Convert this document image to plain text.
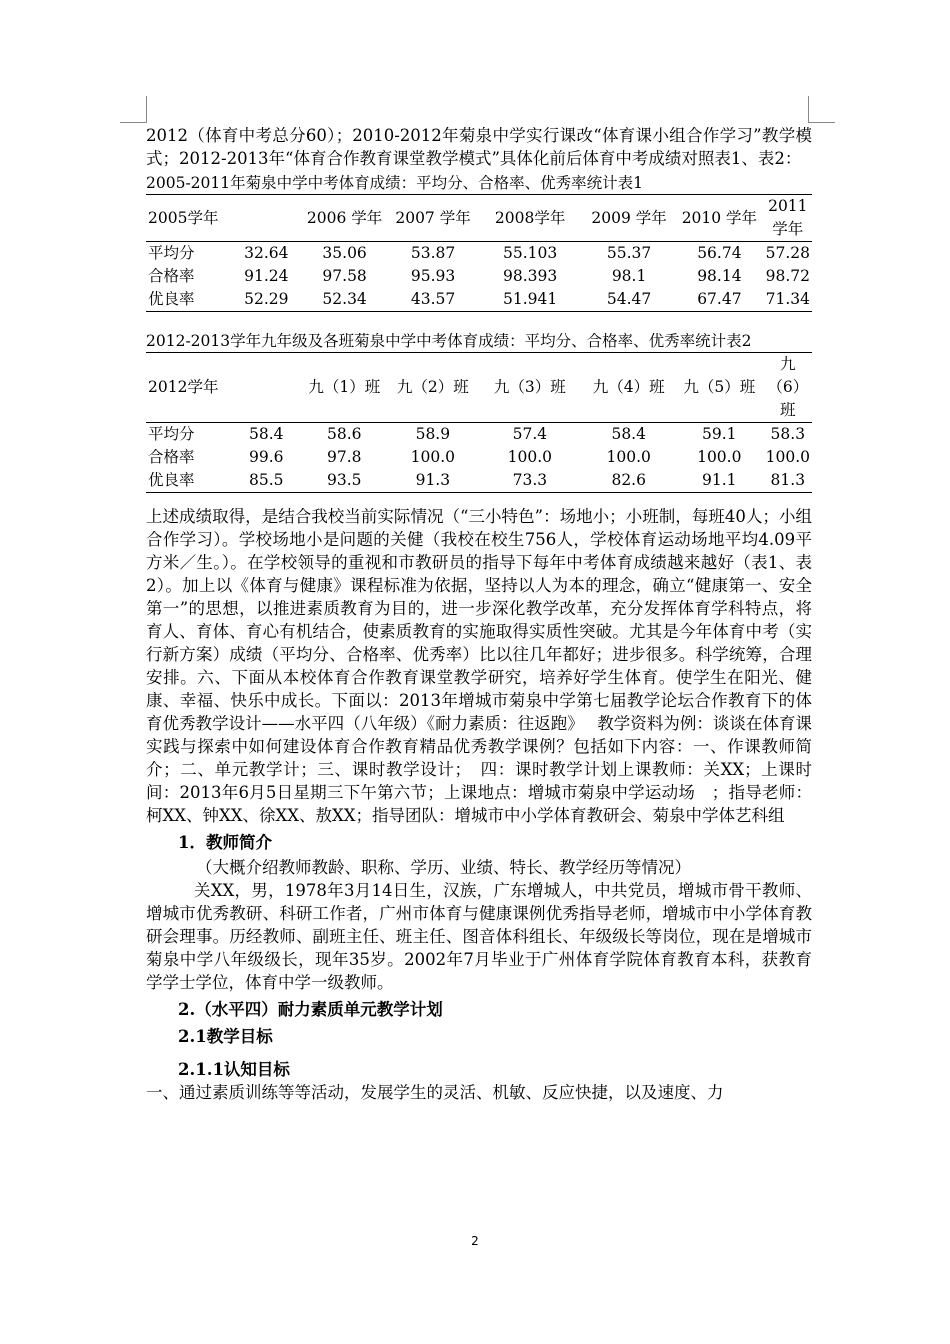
2012（体育中考总分60）；2010-2012年菊泉中学实行课改“体育课小组合作学习”教学模式；2012-2013年“体育合作教育课堂教学模式”具体化前后体育中考成绩对照表1、表2：

2005-2011年菊泉中学中考体育成绩：平均分、合格率、优秀率统计表1

2005学年		2006 学年	2007 学年	2008学年	2009 学年	2010 学年	2011学年
平均分	32.64	35.06	53.87	55.103	55.37	56.74	57.28
合格率	91.24	97.58	95.93	98.393	98.1	98.14	98.72
优良率	52.29	52.34	43.57	51.941	54.47	67.47	71.34

2012-2013学年九年级及各班菊泉中学中考体育成绩：平均分、合格率、优秀率统计表2

2012学年		九（1）班	九（2）班	九（3）班	九（4）班	九（5）班	九（6）班
平均分	58.4	58.6	58.9	57.4	58.4	59.1	58.3
合格率	99.6	97.8	100.0	100.0	100.0	100.0	100.0
优良率	85.5	93.5	91.3	73.3	82.6	91.1	81.3

上述成绩取得，是结合我校当前实际情况（“三小特色”：场地小；小班制，每班40人；小组合作学习）。学校场地小是问题的关健（我校在校生756人，学校体育运动场地平均4.09平方米／生。）。在学校领导的重视和市教研员的指导下每年中考体育成绩越来越好（表1、表2）。加上以《体育与健康》课程标准为依据，坚持以人为本的理念，确立“健康第一、安全第一”的思想，以推进素质教育为目的，进一步深化教学改革，充分发挥体育学科特点，将育人、育体、育心有机结合，使素质教育的实施取得实质性突破。尤其是今年体育中考（实行新方案）成绩（平均分、合格率、优秀率）比以往几年都好；进步很多。科学统筹，合理安排。六、下面从本校体育合作教育课堂教学研究，培养好学生体育。使学生在阳光、健康、幸福、快乐中成长。下面以：2013年增城市菊泉中学第七届教学论坛合作教育下的体育优秀教学设计——水平四（八年级）《耐力素质：往返跑》　 教学资料为例：谈谈在体育课实践与探索中如何建设体育合作教育精品优秀教学课例？包括如下内容：一、作课教师简介；二、单元教学计；三、课时教学设计；　四：课时教学计划上课教师：关XX；上课时间：2013年6月5日星期三下午第六节；上课地点：增城市菊泉中学运动场　；指导老师：柯XX、钟XX、徐XX、敖XX；指导团队：增城市中小学体育教研会、菊泉中学体艺科组

1．教师简介

（大概介绍教师教龄、职称、学历、业绩、特长、教学经历等情况）

关XX，男，1978年3月14日生，汉族，广东增城人，中共党员，增城市骨干教师、增城市优秀教研、科研工作者，广州市体育与健康课例优秀指导老师，增城市中小学体育教研会理事。历经教师、副班主任、班主任、图音体科组长、年级级长等岗位，现在是增城市菊泉中学八年级级长，现年35岁。2002年7月毕业于广州体育学院体育教育本科，获教育学学士学位，体育中学一级教师。

2.（水平四）耐力素质单元教学计划

2.1教学目标

2.1.1认知目标

一、通过素质训练等等活动，发展学生的灵活、机敏、反应快捷，以及速度、力

2
